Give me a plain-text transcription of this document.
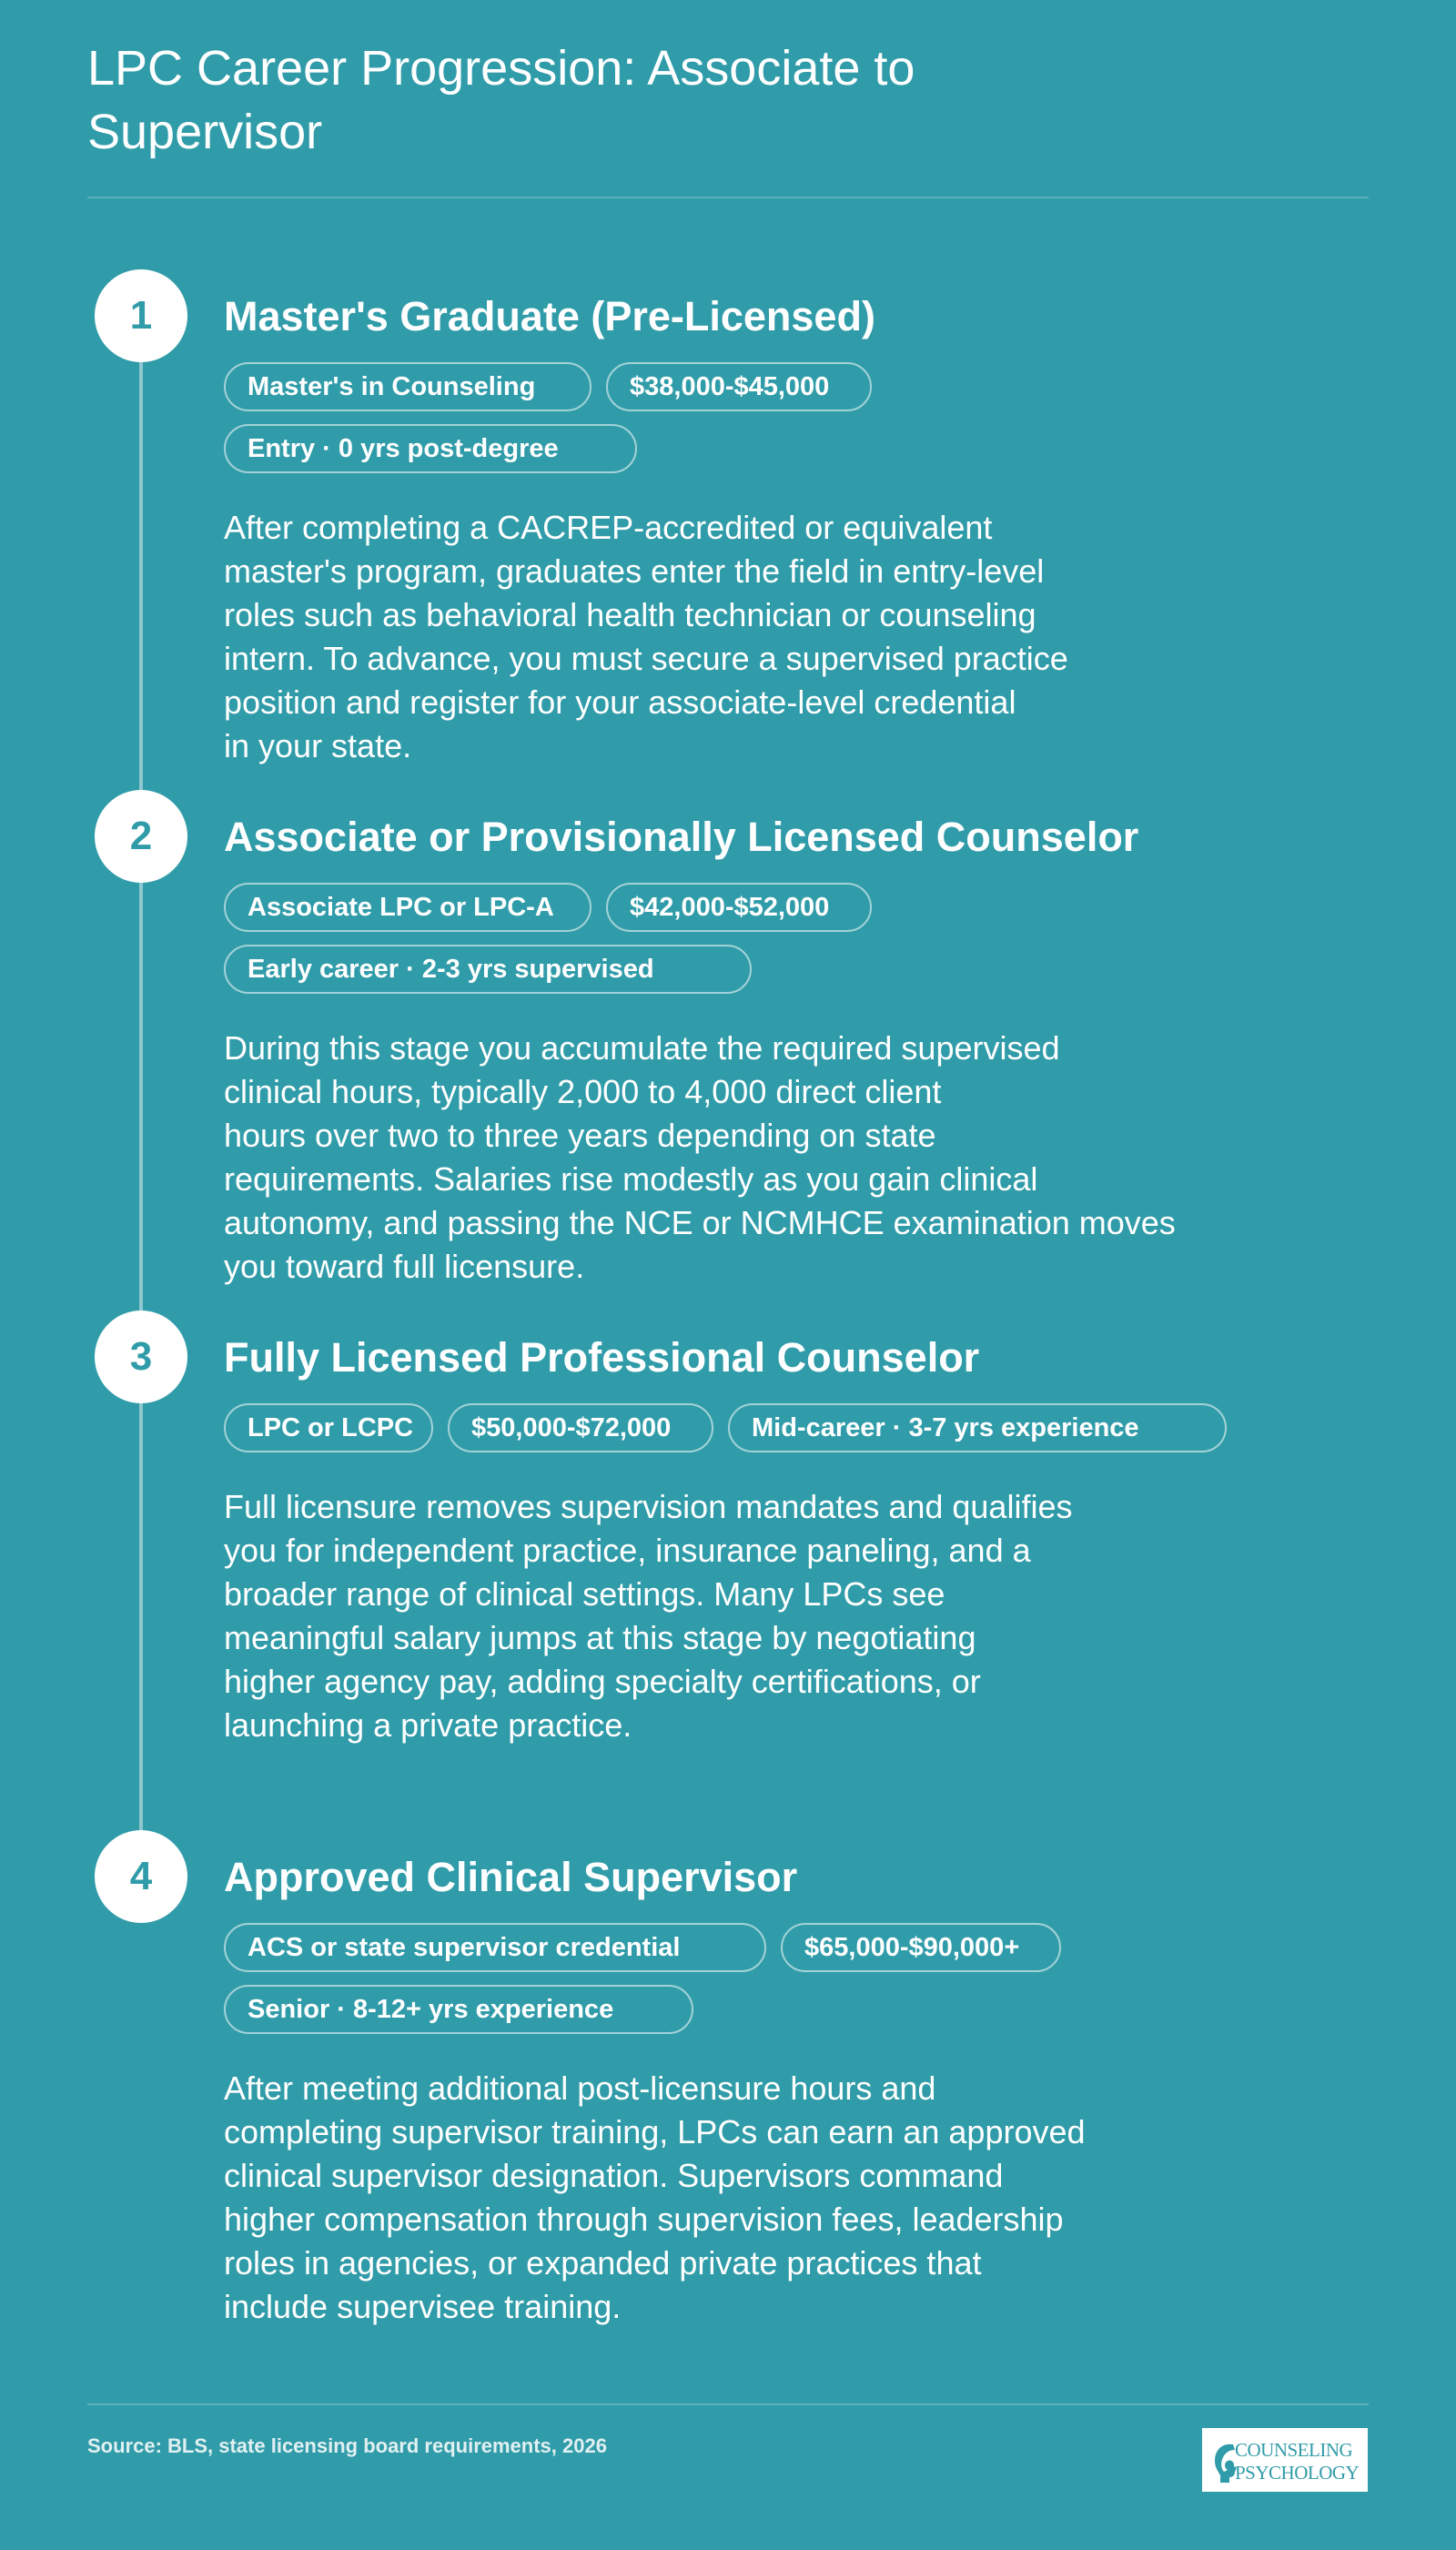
LPC Career Progression: Associate to Supervisor
1	Master's Graduate (Pre-Licensed)
Master's in Counseling	$38,000-$45,000
Entry · 0 yrs post-degree

After completing a CACREP-accredited or equivalent
master's program, graduates enter the field in entry-level
roles such as behavioral health technician or counseling
intern. To advance, you must secure a supervised practice
position and register for your associate-level credential
in your state.

2	Associate or Provisionally Licensed Counselor
Associate LPC or LPC-A	$42,000-$52,000
Early career · 2-3 yrs supervised

During this stage you accumulate the required supervised
clinical hours, typically 2,000 to 4,000 direct client
hours over two to three years depending on state
requirements. Salaries rise modestly as you gain clinical
autonomy, and passing the NCE or NCMHCE examination moves
you toward full licensure.

3	Fully Licensed Professional Counselor
LPC or LCPC	$50,000-$72,000	Mid-career · 3-7 yrs experience

Full licensure removes supervision mandates and qualifies
you for independent practice, insurance paneling, and a
broader range of clinical settings. Many LPCs see
meaningful salary jumps at this stage by negotiating
higher agency pay, adding specialty certifications, or
launching a private practice.

4	Approved Clinical Supervisor
ACS or state supervisor credential	$65,000-$90,000+
Senior · 8-12+ yrs experience

After meeting additional post-licensure hours and
completing supervisor training, LPCs can earn an approved
clinical supervisor designation. Supervisors command
higher compensation through supervision fees, leadership
roles in agencies, or expanded private practices that
include supervisee training.

Source: BLS, state licensing board requirements, 2026	COUNSELING
PSYCHOLOGY
